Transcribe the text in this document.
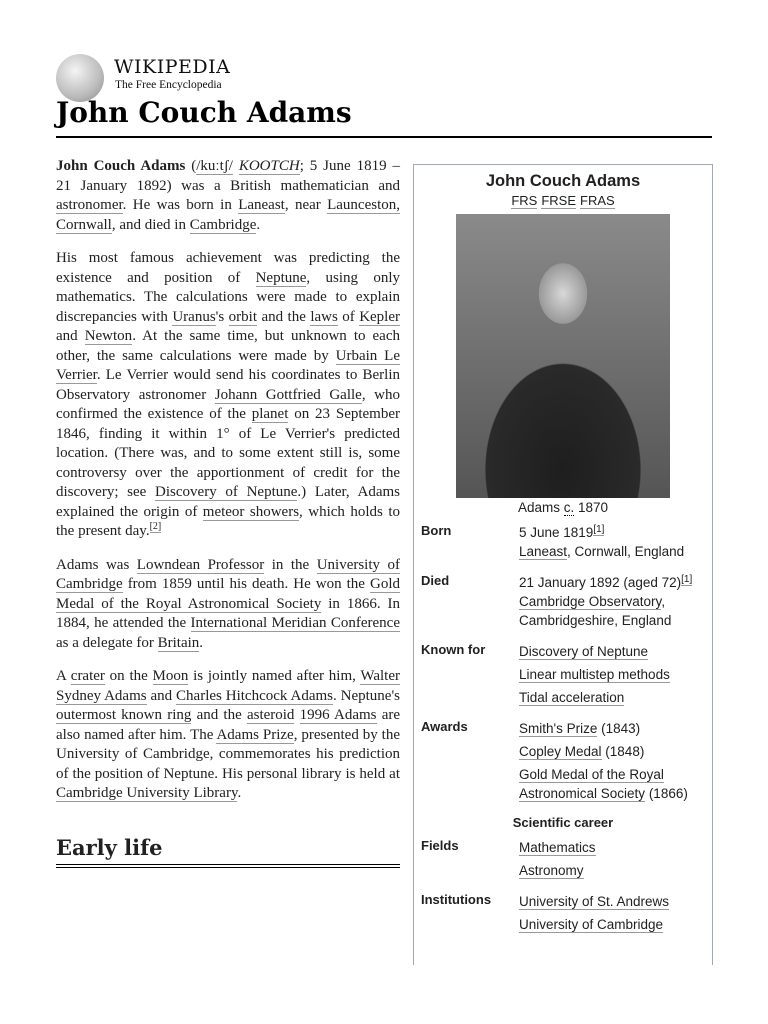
WIKIPEDIA
The Free Encyclopedia
John Couch Adams

John Couch Adams (/kuːtʃ/ KOOTCH; 5 June 1819 – 21 January 1892) was a British mathematician and astronomer. He was born in Laneast, near Launceston, Cornwall, and died in Cambridge.

His most famous achievement was predicting the existence and position of Neptune, using only mathematics. The calculations were made to explain discrepancies with Uranus's orbit and the laws of Kepler and Newton. At the same time, but unknown to each other, the same calculations were made by Urbain Le Verrier. Le Verrier would send his coordinates to Berlin Observatory astronomer Johann Gottfried Galle, who confirmed the existence of the planet on 23 September 1846, finding it within 1° of Le Verrier's predicted location. (There was, and to some extent still is, some controversy over the apportionment of credit for the discovery; see Discovery of Neptune.) Later, Adams explained the origin of meteor showers, which holds to the present day.[2]

Adams was Lowndean Professor in the University of Cambridge from 1859 until his death. He won the Gold Medal of the Royal Astronomical Society in 1866. In 1884, he attended the International Meridian Conference as a delegate for Britain.

A crater on the Moon is jointly named after him, Walter Sydney Adams and Charles Hitchcock Adams. Neptune's outermost known ring and the asteroid 1996 Adams are also named after him. The Adams Prize, presented by the University of Cambridge, commemorates his prediction of the position of Neptune. His personal library is held at Cambridge University Library.

Early life
John Couch Adams
FRS FRSE FRAS
Adams c. 1870
Born	5 June 1819[1]
Laneast, Cornwall, England
Died	21 January 1892 (aged 72)[1]
Cambridge Observatory,
Cambridgeshire, England
Known for	Discovery of Neptune
Linear multistep methods
Tidal acceleration
Awards	Smith's Prize (1843)
Copley Medal (1848)
Gold Medal of the Royal Astronomical Society (1866)
Scientific career
Fields	Mathematics
Astronomy
Institutions	University of St. Andrews
University of Cambridge
